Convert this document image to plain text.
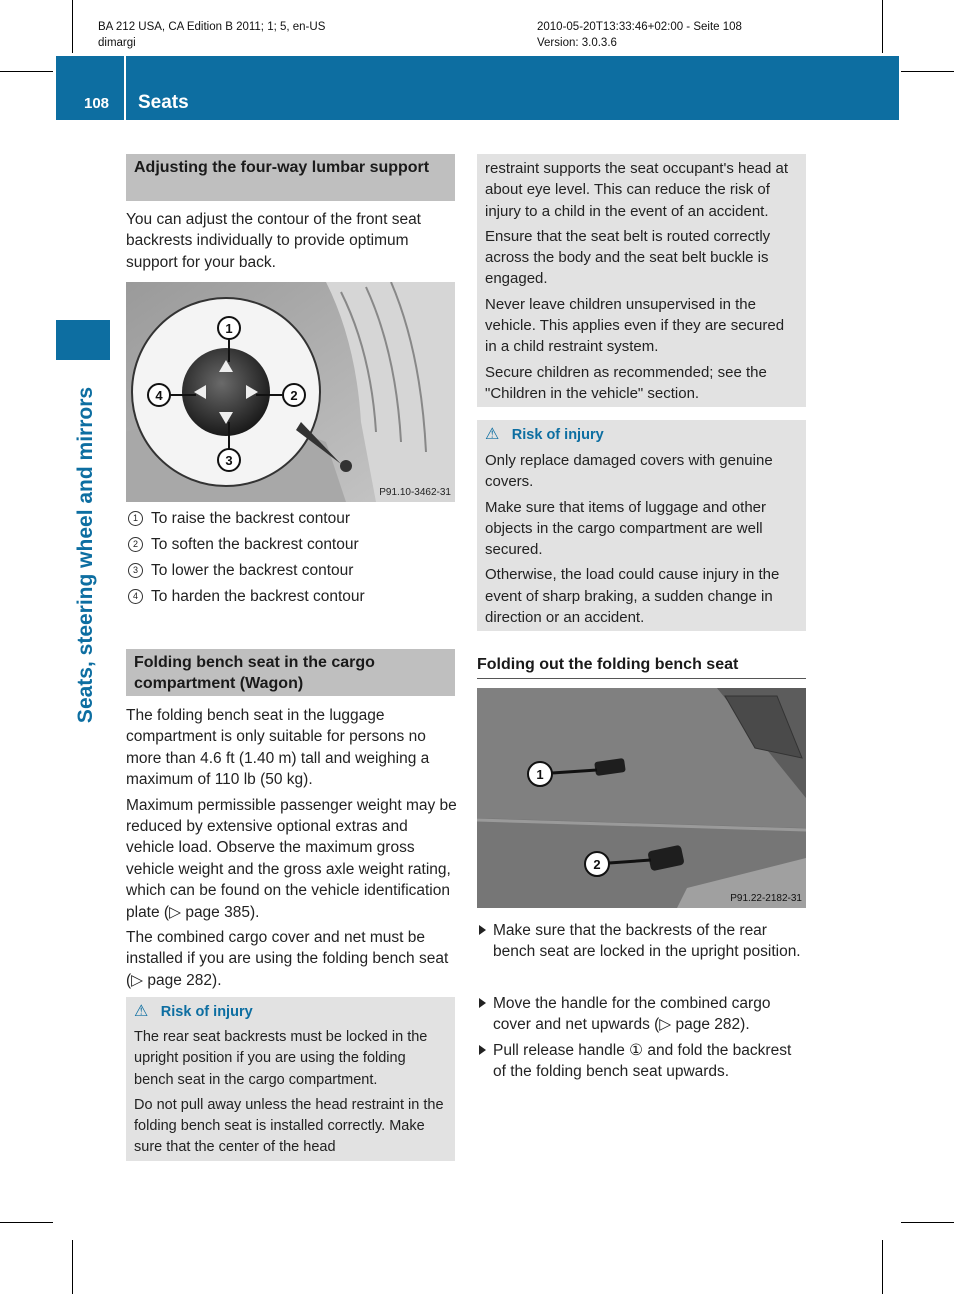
BA 212 USA, CA Edition B 2011; 1; 5, en-US
dimargi
2010-05-20T13:33:46+02:00 - Seite 108
Version: 3.0.3.6
108 Seats
Seats, steering wheel and mirrors
Adjusting the four-way lumbar support
You can adjust the contour of the front seat backrests individually to provide optimum support for your back.
1
2
3
4
P91.10-3462-31
1 To raise the backrest contour
2 To soften the backrest contour
3 To lower the backrest contour
4 To harden the backrest contour
Folding bench seat in the cargo compartment (Wagon)
The folding bench seat in the luggage compartment is only suitable for persons no more than 4.6 ft (1.40 m) tall and weighing a maximum of 110 lb (50 kg).
Maximum permissible passenger weight may be reduced by extensive optional extras and vehicle load. Observe the maximum gross vehicle weight and the gross axle weight rating, which can be found on the vehicle identification plate (▷ page 385).
The combined cargo cover and net must be installed if you are using the folding bench seat (▷ page 282).
⚠ Risk of injury
The rear seat backrests must be locked in the upright position if you are using the folding bench seat in the cargo compartment.
Do not pull away unless the head restraint in the folding bench seat is installed correctly. Make sure that the center of the head
restraint supports the seat occupant's head at about eye level. This can reduce the risk of injury to a child in the event of an accident.
Ensure that the seat belt is routed correctly across the body and the seat belt buckle is engaged.
Never leave children unsupervised in the vehicle. This applies even if they are secured in a child restraint system.
Secure children as recommended; see the "Children in the vehicle" section.
⚠ Risk of injury
Only replace damaged covers with genuine covers.
Make sure that items of luggage and other objects in the cargo compartment are well secured.
Otherwise, the load could cause injury in the event of sharp braking, a sudden change in direction or an accident.
Folding out the folding bench seat
1
2
P91.22-2182-31
Make sure that the backrests of the rear bench seat are locked in the upright position.
Move the handle for the combined cargo cover and net upwards (▷ page 282).
Pull release handle ① and fold the backrest of the folding bench seat upwards.
